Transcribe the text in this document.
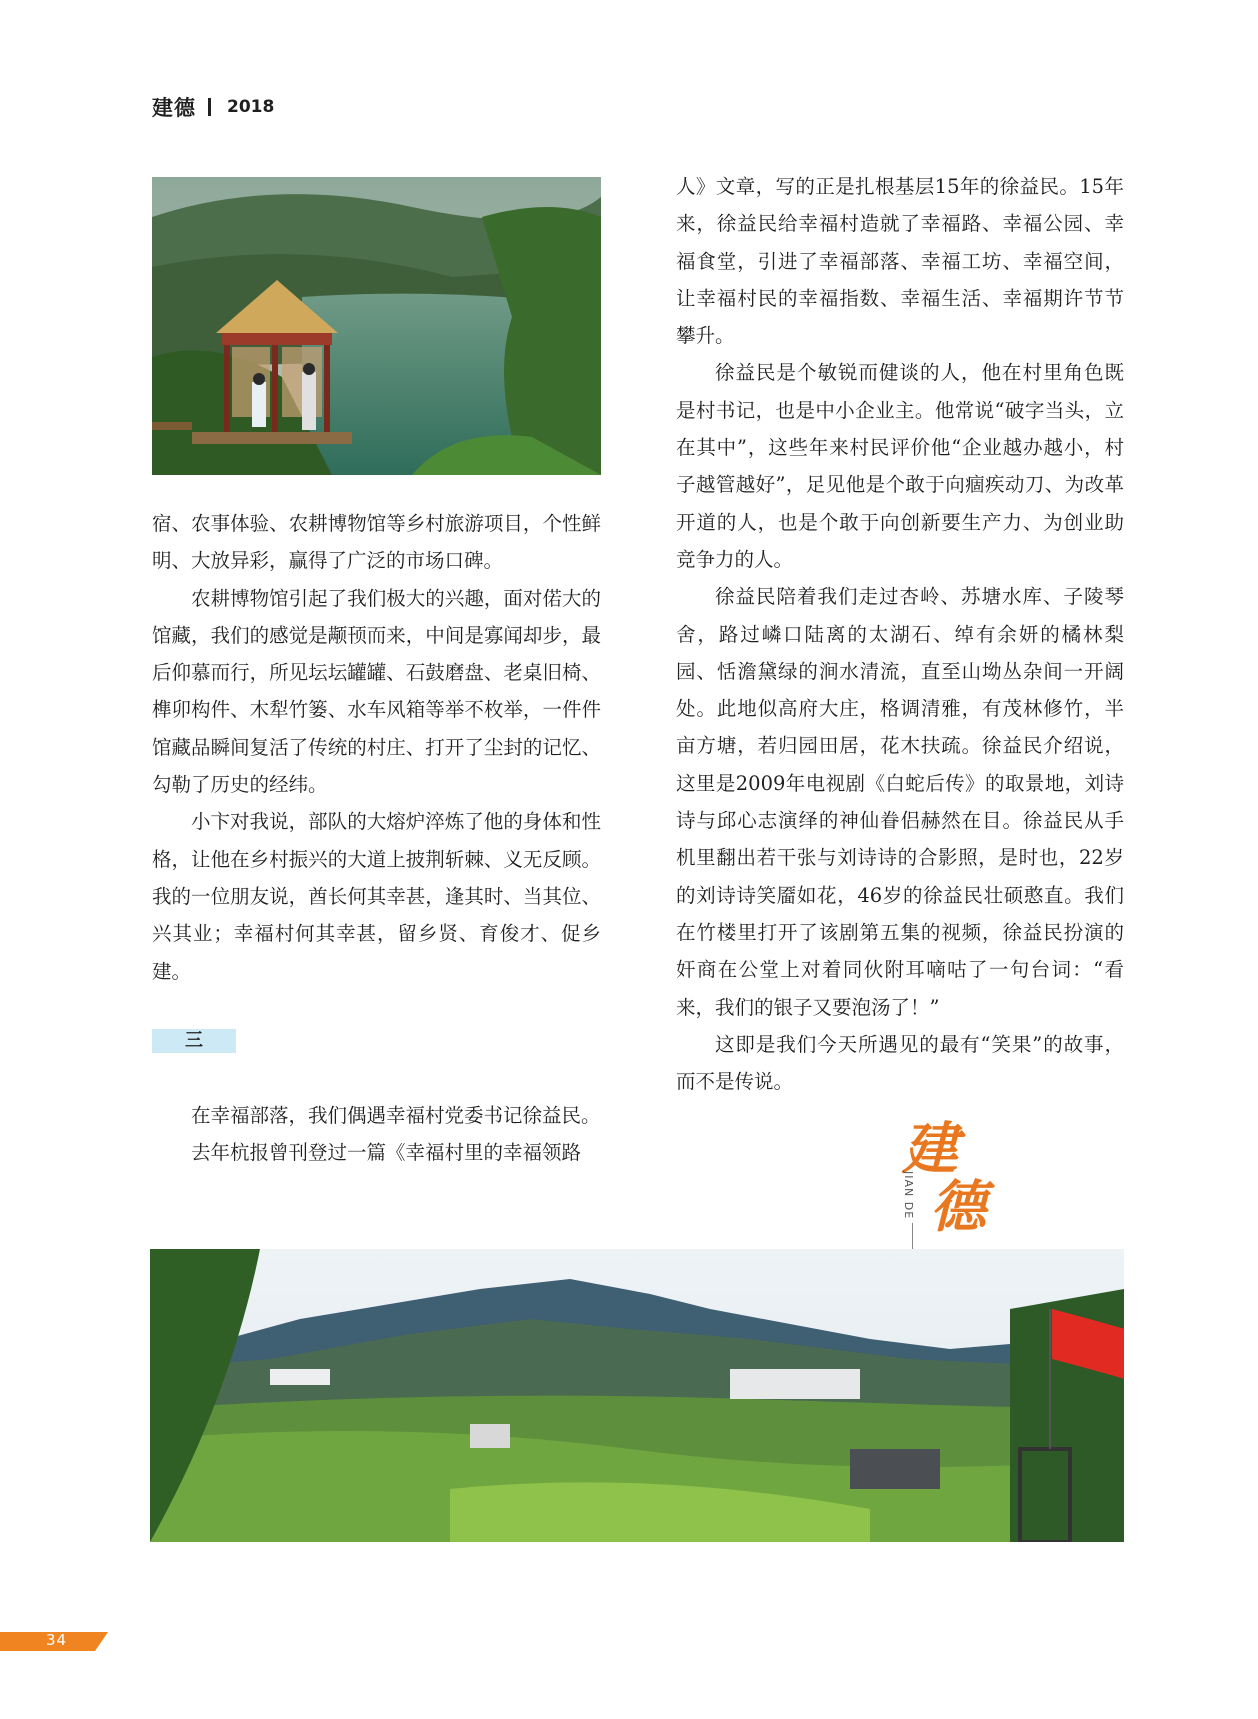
建德 2018

宿、农事体验、农耕博物馆等乡村旅游项目，个性鲜明、大放异彩，赢得了广泛的市场口碑。

农耕博物馆引起了我们极大的兴趣，面对偌大的馆藏，我们的感觉是颟顸而来，中间是寡闻却步，最后仰慕而行，所见坛坛罐罐、石鼓磨盘、老桌旧椅、榫卯构件、木犁竹篓、水车风箱等举不枚举，一件件馆藏品瞬间复活了传统的村庄、打开了尘封的记忆、勾勒了历史的经纬。

小卞对我说，部队的大熔炉淬炼了他的身体和性格，让他在乡村振兴的大道上披荆斩棘、义无反顾。我的一位朋友说，酋长何其幸甚，逢其时、当其位、兴其业；幸福村何其幸甚，留乡贤、育俊才、促乡建。

三

在幸福部落，我们偶遇幸福村党委书记徐益民。

去年杭报曾刊登过一篇《幸福村里的幸福领路

人》文章，写的正是扎根基层15年的徐益民。15年来，徐益民给幸福村造就了幸福路、幸福公园、幸福食堂，引进了幸福部落、幸福工坊、幸福空间，让幸福村民的幸福指数、幸福生活、幸福期许节节攀升。

徐益民是个敏锐而健谈的人，他在村里角色既是村书记，也是中小企业主。他常说“破字当头，立在其中”，这些年来村民评价他“企业越办越小，村子越管越好”，足见他是个敢于向痼疾动刀、为改革开道的人，也是个敢于向创新要生产力、为创业助竞争力的人。

徐益民陪着我们走过杏岭、苏塘水库、子陵琴舍，路过嶙口陆离的太湖石、绰有余妍的橘林梨园、恬澹黛绿的涧水清流，直至山坳丛杂间一开阔处。此地似高府大庄，格调清雅，有茂林修竹，半亩方塘，若归园田居，花木扶疏。徐益民介绍说，这里是2009年电视剧《白蛇后传》的取景地，刘诗诗与邱心志演绎的神仙眷侣赫然在目。徐益民从手机里翻出若干张与刘诗诗的合影照，是时也，22岁的刘诗诗笑靥如花，46岁的徐益民壮硕憨直。我们在竹楼里打开了该剧第五集的视频，徐益民扮演的奸商在公堂上对着同伙附耳嘀咕了一句台词：“看来，我们的银子又要泡汤了！”

这即是我们今天所遇见的最有“笑果”的故事，而不是传说。

建
德
JIAN DE
34
